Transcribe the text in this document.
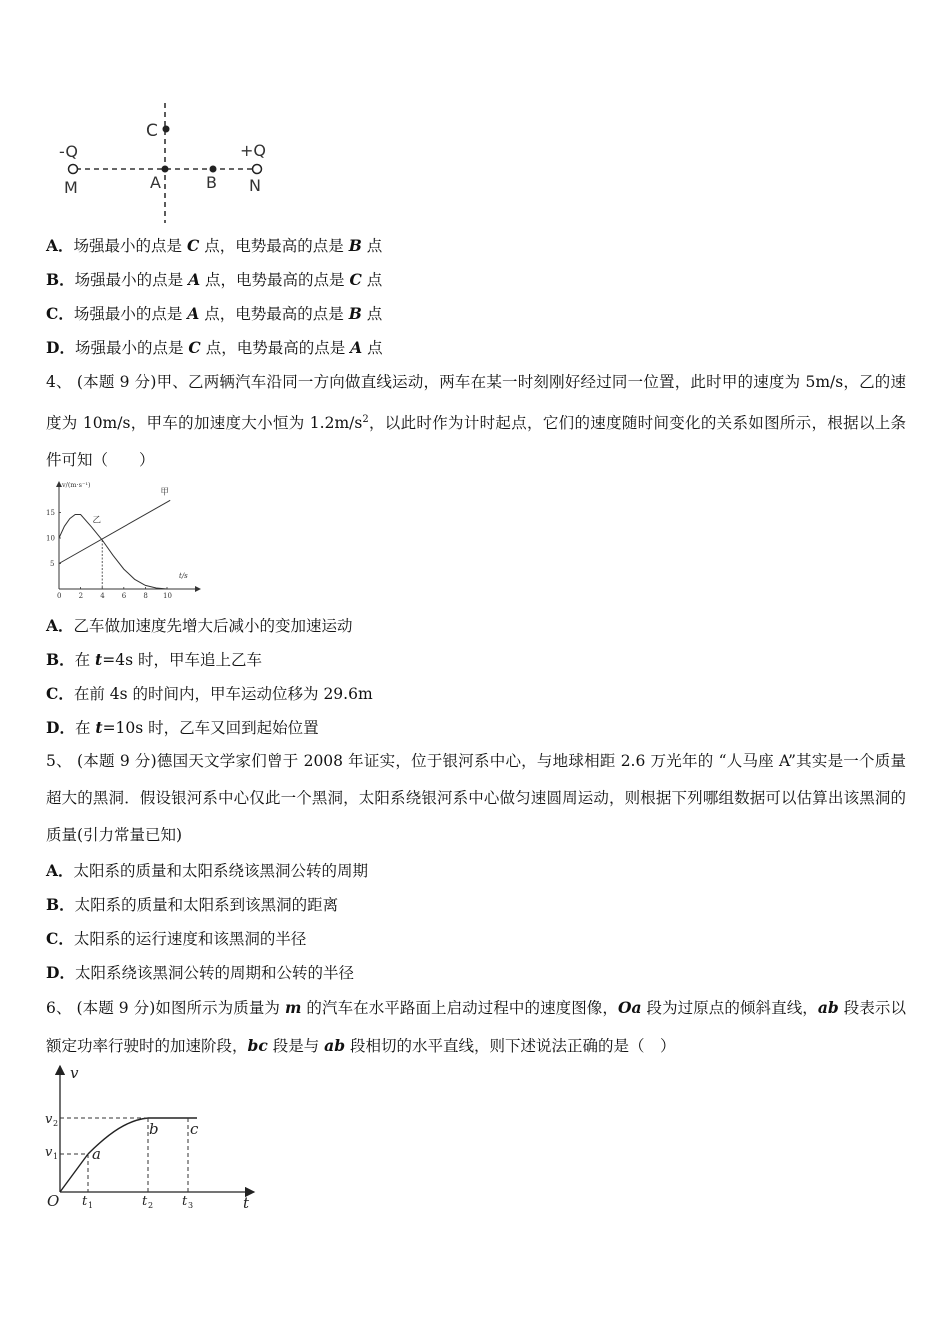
C
-Q	+Q
M	A	B N
A．场强最小的点是 C 点，电势最高的点是 B 点
B．场强最小的点是 A 点，电势最高的点是 C 点
C．场强最小的点是 A 点，电势最高的点是 B 点
D．场强最小的点是 C 点，电势最高的点是 A 点
4、 (本题 9 分)甲、乙两辆汽车沿同一方向做直线运动，两车在某一时刻刚好经过同一位置，此时甲的速度为 5m/s，乙的速度为 10m/s，甲车的加速度大小恒为 $1.2m/s^2$，以此时作为计时起点，它们的速度随时间变化的关系如图所示，根据以上条件可知（　　）
v/(m·s⁻¹)
t/s
0 2 4 6 8 10
5
10
15
甲
乙
A．乙车做加速度先增大后减小的变加速运动
B．在 t=4s 时，甲车追上乙车
C．在前 4s 的时间内，甲车运动位移为 29.6m
D．在 t=10s 时，乙车又回到起始位置
5、 (本题 9 分)德国天文学家们曾于 2008 年证实，位于银河系中心，与地球相距 2.6 万光年的 “人马座 A”其实是一个质量超大的黑洞．假设银河系中心仅此一个黑洞，太阳系绕银河系中心做匀速圆周运动，则根据下列哪组数据可以估算出该黑洞的质量(引力常量已知)
A．太阳系的质量和太阳系绕该黑洞公转的周期
B．太阳系的质量和太阳系到该黑洞的距离
C．太阳系的运行速度和该黑洞的半径
D．太阳系绕该黑洞公转的周期和公转的半径
6、 (本题 9 分)如图所示为质量为 m 的汽车在水平路面上启动过程中的速度图像，Oa 段为过原点的倾斜直线，ab 段表示以额定功率行驶时的加速阶段，bc 段是与 ab 段相切的水平直线，则下述说法正确的是（　）
v
t
O
v 2
v 1
t 1	t 2 t 3
a
b c
